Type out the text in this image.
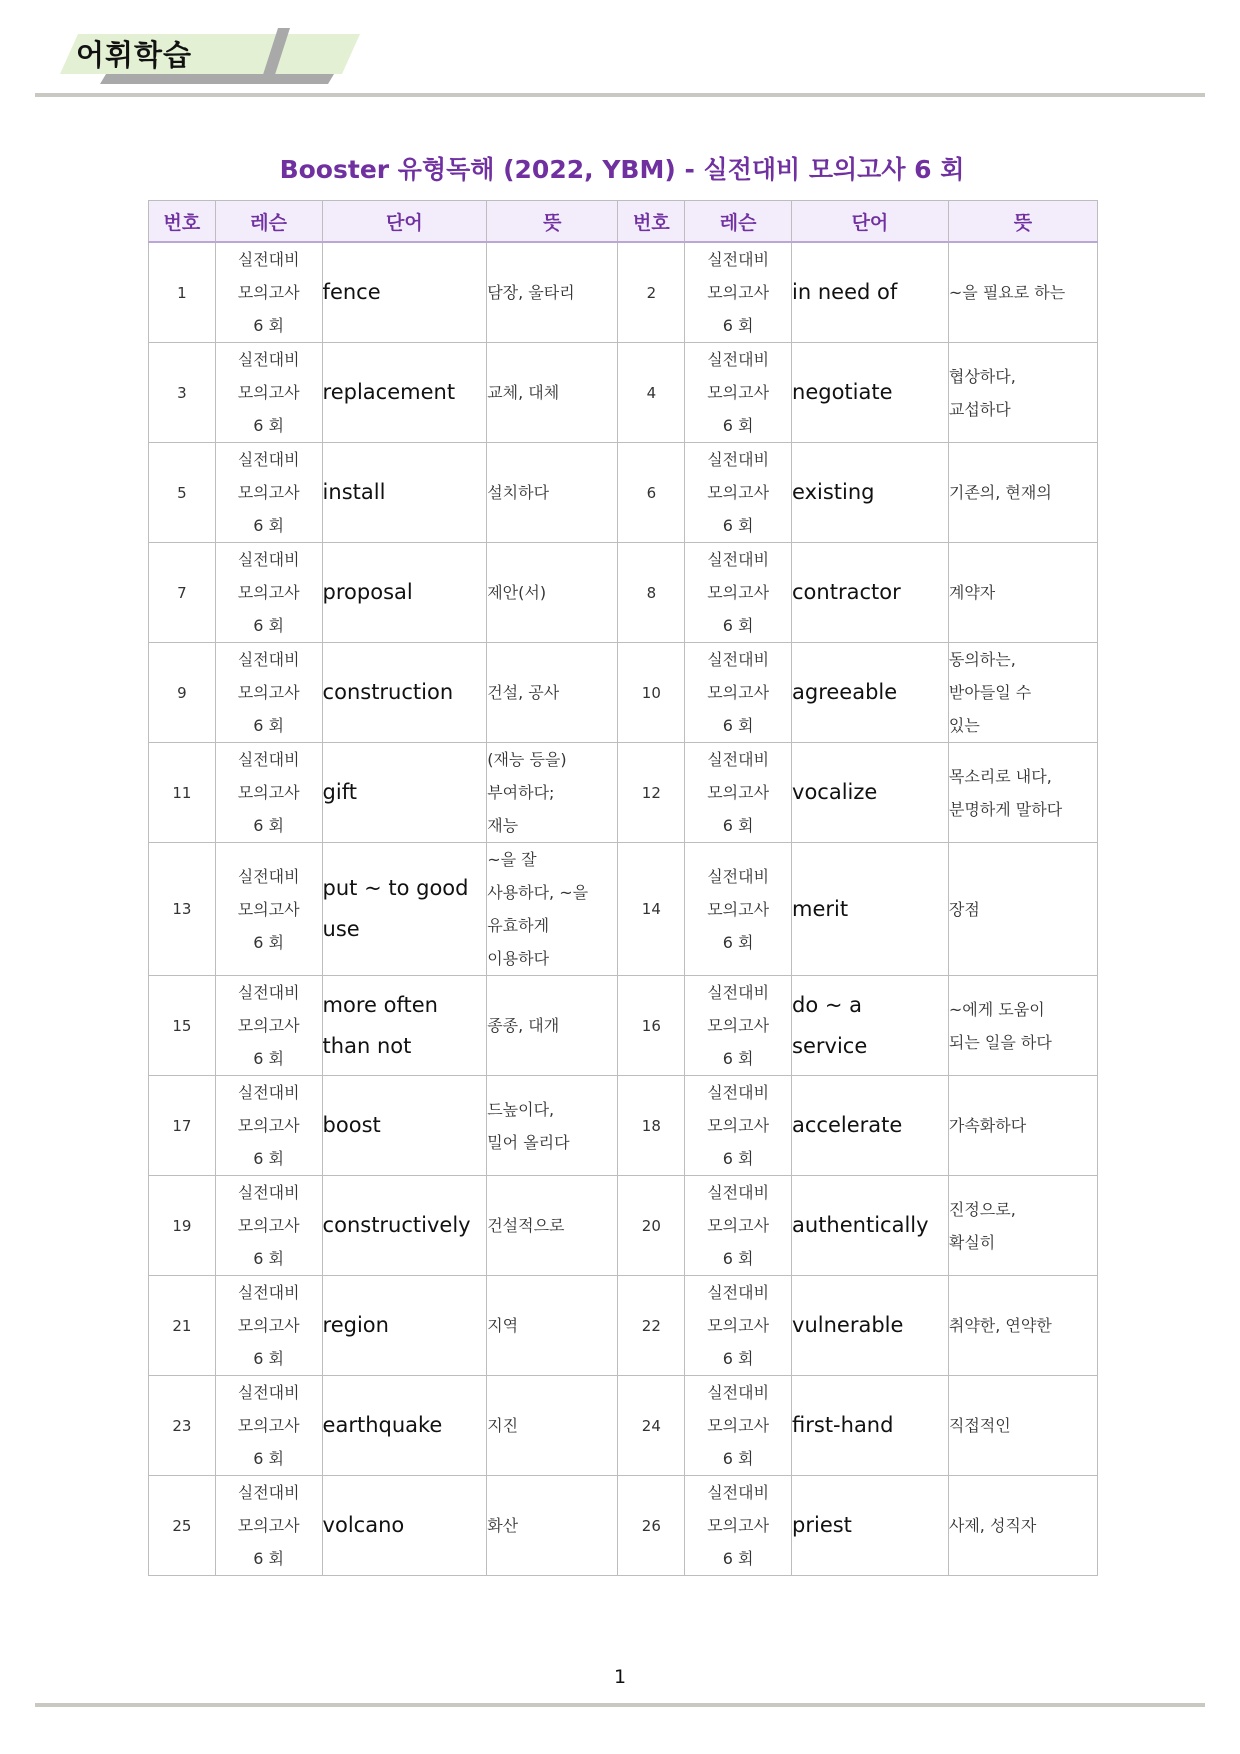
어휘학습
Booster 유형독해 (2022, YBM) - 실전대비 모의고사 6 회
번호	레슨	단어	뜻	번호	레슨	단어	뜻
1	실전대비
모의고사
6 회	fence	담장, 울타리	2	실전대비
모의고사
6 회	in need of	~을 필요로 하는
3	실전대비
모의고사
6 회	replacement	교체, 대체	4	실전대비
모의고사
6 회	negotiate	협상하다,
교섭하다
5	실전대비
모의고사
6 회	install	설치하다	6	실전대비
모의고사
6 회	existing	기존의, 현재의
7	실전대비
모의고사
6 회	proposal	제안(서)	8	실전대비
모의고사
6 회	contractor	계약자
9	실전대비
모의고사
6 회	construction	건설, 공사	10	실전대비
모의고사
6 회	agreeable	동의하는,
받아들일 수
있는
11	실전대비
모의고사
6 회	gift	(재능 등을)
부여하다;
재능	12	실전대비
모의고사
6 회	vocalize	목소리로 내다,
분명하게 말하다
13	실전대비
모의고사
6 회	put ~ to good
use	~을 잘
사용하다, ~을
유효하게
이용하다	14	실전대비
모의고사
6 회	merit	장점
15	실전대비
모의고사
6 회	more often
than not	종종, 대개	16	실전대비
모의고사
6 회	do ~ a
service	~에게 도움이
되는 일을 하다
17	실전대비
모의고사
6 회	boost	드높이다,
밀어 올리다	18	실전대비
모의고사
6 회	accelerate	가속화하다
19	실전대비
모의고사
6 회	constructively	건설적으로	20	실전대비
모의고사
6 회	authentically	진정으로,
확실히
21	실전대비
모의고사
6 회	region	지역	22	실전대비
모의고사
6 회	vulnerable	취약한, 연약한
23	실전대비
모의고사
6 회	earthquake	지진	24	실전대비
모의고사
6 회	first-hand	직접적인
25	실전대비
모의고사
6 회	volcano	화산	26	실전대비
모의고사
6 회	priest	사제, 성직자
1
